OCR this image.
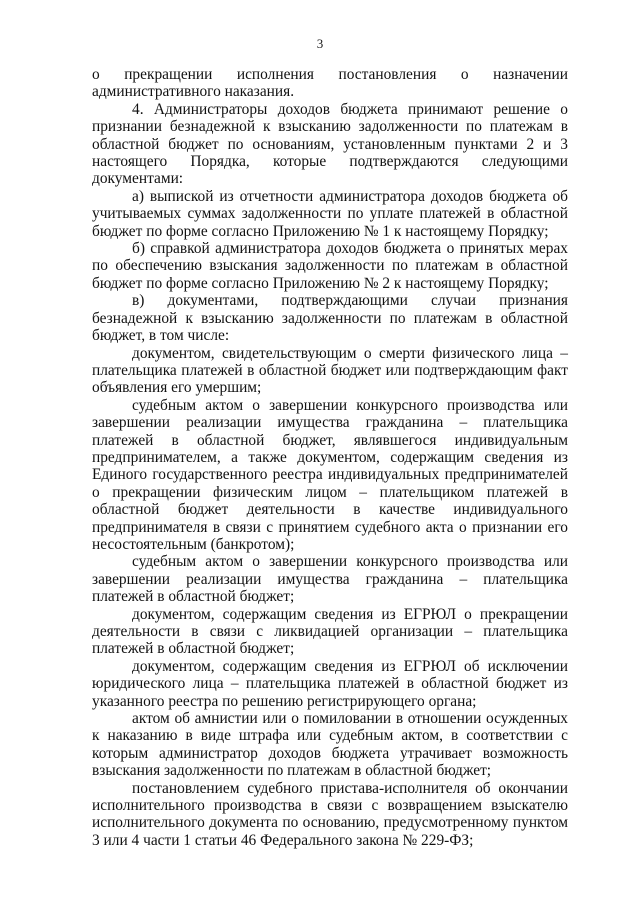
3

о прекращении исполнения постановления о назначении административного наказания.

4. Администраторы доходов бюджета принимают решение о признании безнадежной к взысканию задолженности по платежам в областной бюджет по основаниям, установленным пунктами 2 и 3 настоящего Порядка, которые подтверждаются следующими документами:

а) выпиской из отчетности администратора доходов бюджета об учитываемых суммах задолженности по уплате платежей в областной бюджет по форме согласно Приложению № 1 к настоящему Порядку;

б) справкой администратора доходов бюджета о принятых мерах по обеспечению взыскания задолженности по платежам в областной бюджет по форме согласно Приложению № 2 к настоящему Порядку;

в) документами, подтверждающими случаи признания безнадежной к взысканию задолженности по платежам в областной бюджет, в том числе:

документом, свидетельствующим о смерти физического лица – плательщика платежей в областной бюджет или подтверждающим факт объявления его умершим;

судебным актом о завершении конкурсного производства или завершении реализации имущества гражданина – плательщика платежей в областной бюджет, являвшегося индивидуальным предпринимателем, а также документом, содержащим сведения из Единого государственного реестра индивидуальных предпринимателей о прекращении физическим лицом – плательщиком платежей в областной бюджет деятельности в качестве индивидуального предпринимателя в связи с принятием судебного акта о признании его несостоятельным (банкротом);

судебным актом о завершении конкурсного производства или завершении реализации имущества гражданина – плательщика платежей в областной бюджет;

документом, содержащим сведения из ЕГРЮЛ о прекращении деятельности в связи с ликвидацией организации – плательщика платежей в областной бюджет;

документом, содержащим сведения из ЕГРЮЛ об исключении юридического лица – плательщика платежей в областной бюджет из указанного реестра по решению регистрирующего органа;

актом об амнистии или о помиловании в отношении осужденных к наказанию в виде штрафа или судебным актом, в соответствии с которым администратор доходов бюджета утрачивает возможность взыскания задолженности по платежам в областной бюджет;

постановлением судебного пристава-исполнителя об окончании исполнительного производства в связи с возвращением взыскателю исполнительного документа по основанию, предусмотренному пунктом 3 или 4 части 1 статьи 46 Федерального закона № 229-ФЗ;
